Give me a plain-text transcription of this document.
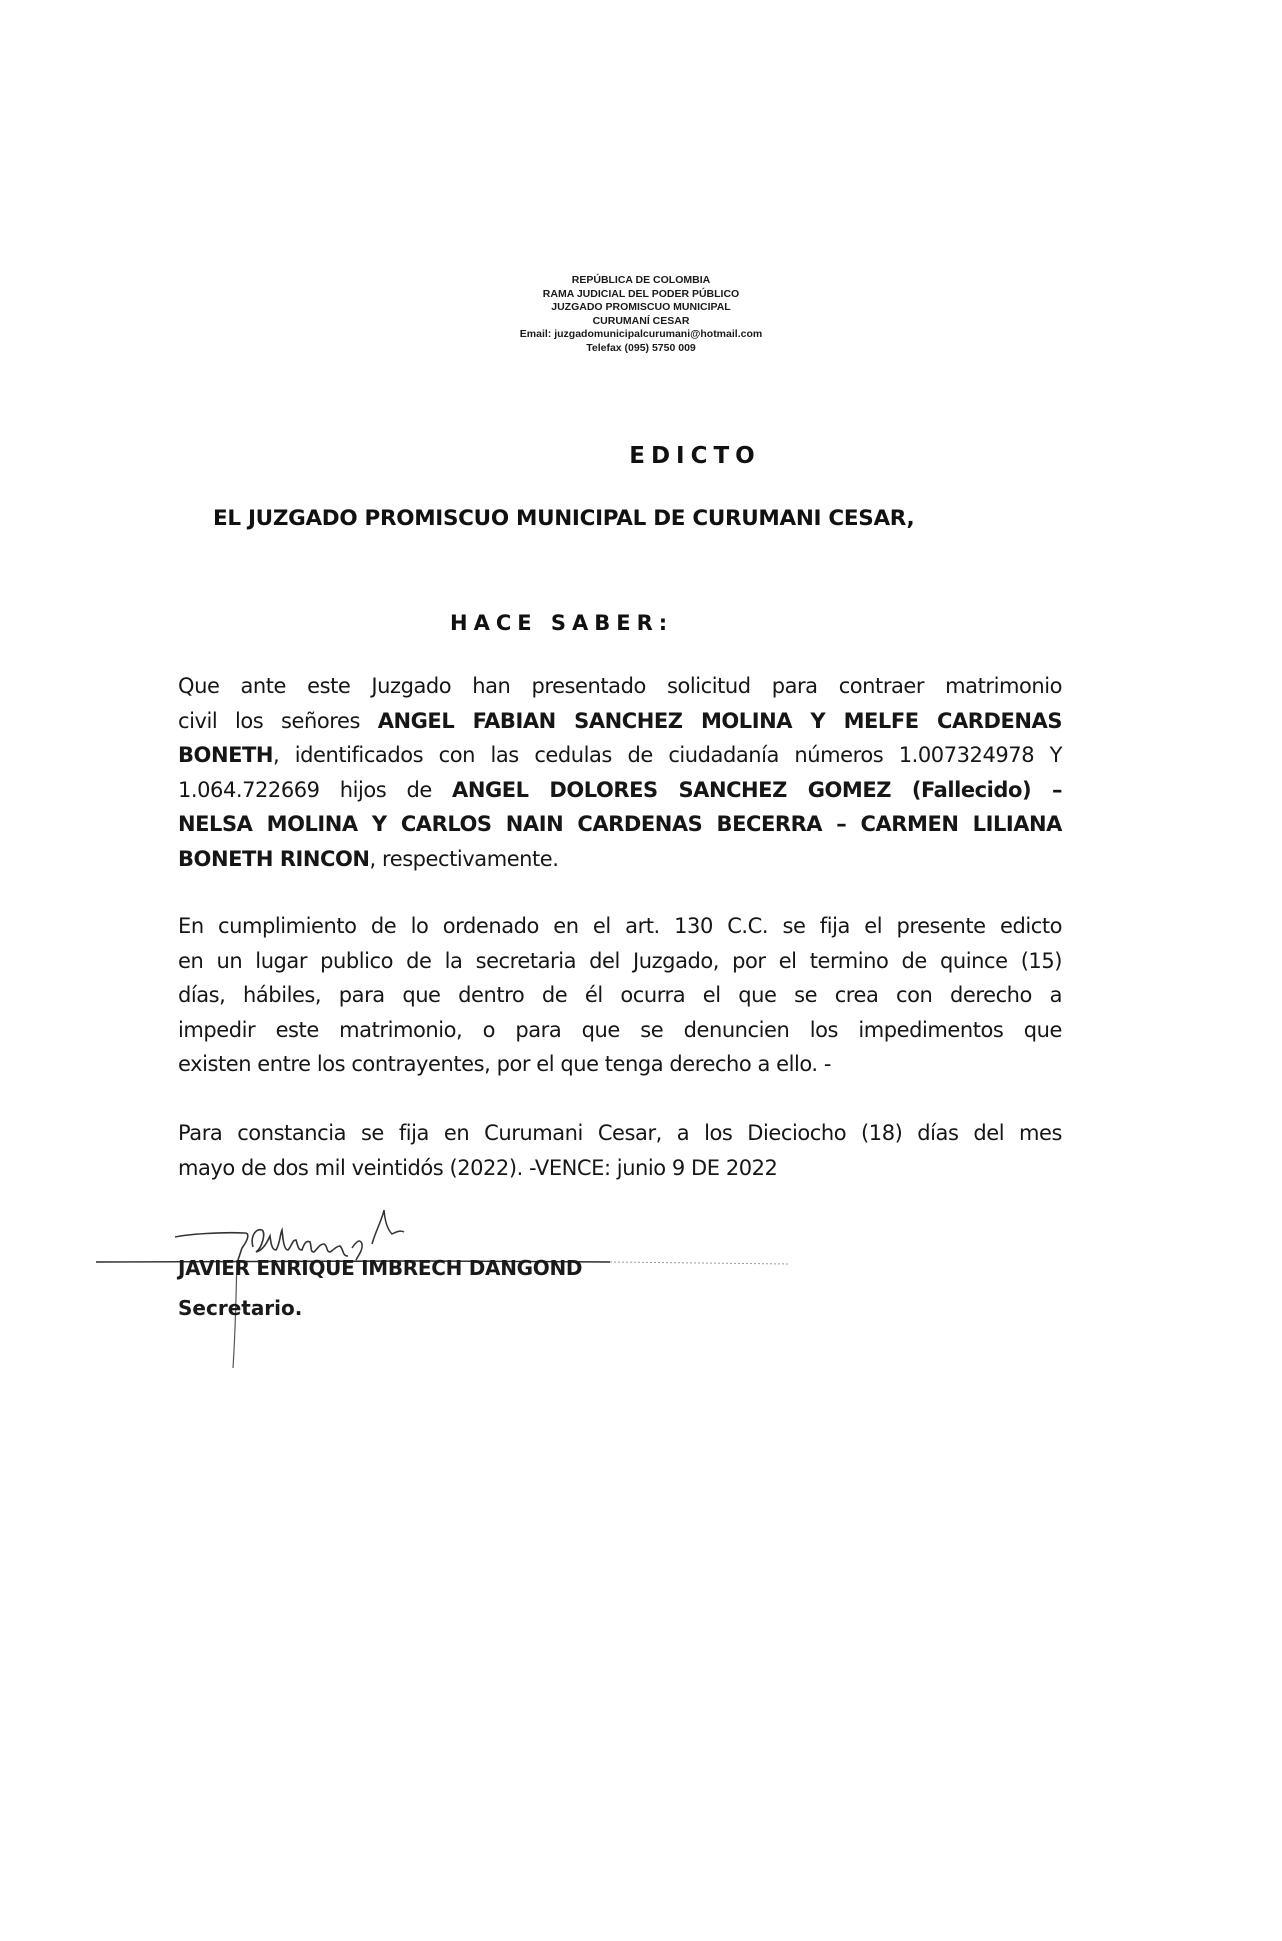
REPÚBLICA DE COLOMBIA
RAMA JUDICIAL DEL PODER PÚBLICO
JUZGADO PROMISCUO MUNICIPAL
CURUMANÍ CESAR
Email: juzgadomunicipalcurumani@hotmail.com
Telefax (095) 5750 009
EDICTO
EL JUZGADO PROMISCUO MUNICIPAL DE CURUMANI CESAR,
HACE SABER:
Que ante este Juzgado han presentado solicitud para contraer matrimonio
civil los señores ANGEL FABIAN SANCHEZ MOLINA Y MELFE CARDENAS
BONETH, identificados con las cedulas de ciudadanía números 1.007324978 Y
1.064.722669 hijos de ANGEL DOLORES SANCHEZ GOMEZ (Fallecido) –
NELSA MOLINA Y CARLOS NAIN CARDENAS BECERRA – CARMEN LILIANA
BONETH RINCON, respectivamente.
En cumplimiento de lo ordenado en el art. 130 C.C. se fija el presente edicto
en un lugar publico de la secretaria del Juzgado, por el termino de quince (15)
días, hábiles, para que dentro de él ocurra el que se crea con derecho a
impedir este matrimonio, o para que se denuncien los impedimentos que
existen entre los contrayentes, por el que tenga derecho a ello. -
Para constancia se fija en Curumani Cesar, a los Dieciocho (18) días del mes
mayo de dos mil veintidós (2022). -VENCE: junio 9 DE 2022
JAVIER ENRIQUE IMBRECH DANGOND
Secretario.
